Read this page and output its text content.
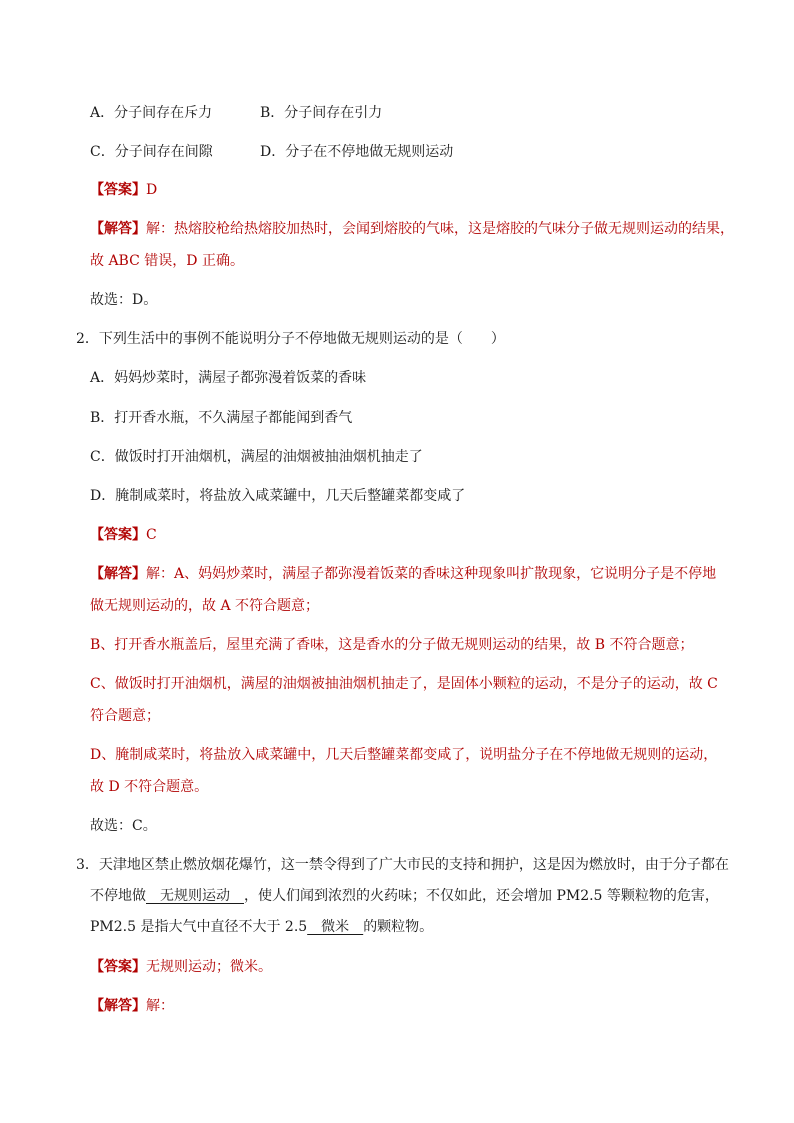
A．分子间存在斥力	B．分子间存在引力
C．分子间存在间隙	D．分子在不停地做无规则运动
【答案】D
【解答】解：热熔胶枪给热熔胶加热时，会闻到熔胶的气味，这是熔胶的气味分子做无规则运动的结果，
故 ABC 错误，D 正确。
故选：D。
2．下列生活中的事例不能说明分子不停地做无规则运动的是（　　）
A．妈妈炒菜时，满屋子都弥漫着饭菜的香味
B．打开香水瓶，不久满屋子都能闻到香气
C．做饭时打开油烟机，满屋的油烟被抽油烟机抽走了
D．腌制咸菜时，将盐放入咸菜罐中，几天后整罐菜都变咸了
【答案】C
【解答】解：A、妈妈炒菜时，满屋子都弥漫着饭菜的香味这种现象叫扩散现象，它说明分子是不停地
做无规则运动的，故 A 不符合题意；
B、打开香水瓶盖后，屋里充满了香味，这是香水的分子做无规则运动的结果，故 B 不符合题意；
C、做饭时打开油烟机，满屋的油烟被抽油烟机抽走了，是固体小颗粒的运动，不是分子的运动，故 C
符合题意；
D、腌制咸菜时，将盐放入咸菜罐中，几天后整罐菜都变咸了，说明盐分子在不停地做无规则的运动，
故 D 不符合题意。
故选：C。
3．天津地区禁止燃放烟花爆竹，这一禁令得到了广大市民的支持和拥护，这是因为燃放时，由于分子都在
不停地做　无规则运动　，使人们闻到浓烈的火药味；不仅如此，还会增加 PM2.5 等颗粒物的危害，
PM2.5 是指大气中直径不大于 2.5　微米　的颗粒物。
【答案】无规则运动；微米。
【解答】解：
